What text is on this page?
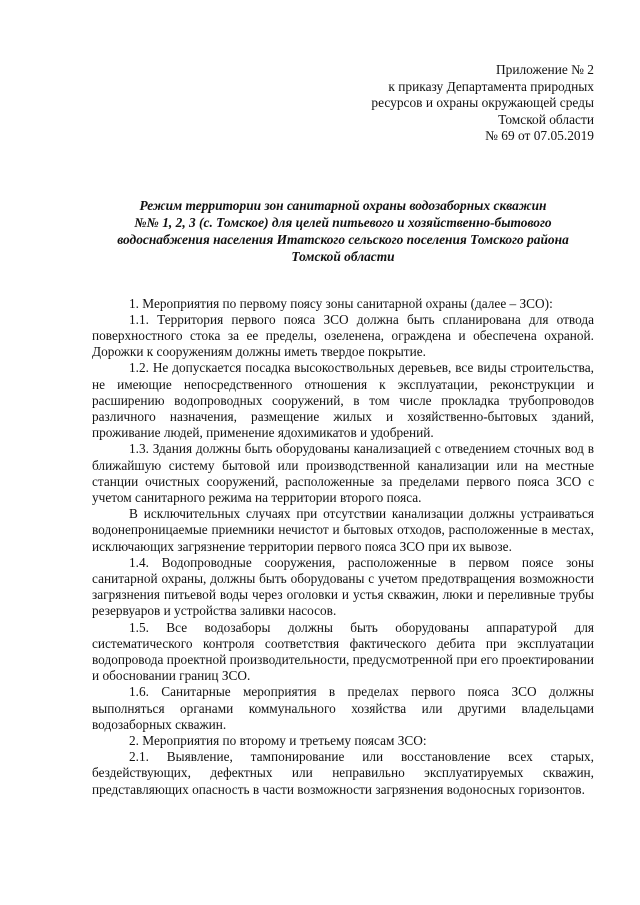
Приложение № 2
к приказу Департамента природных
ресурсов и охраны окружающей среды
Томской области
№ 69 от 07.05.2019
Режим территории зон санитарной охраны водозаборных скважин
№№ 1, 2, 3 (с. Томское) для целей питьевого и хозяйственно-бытового
водоснабжения населения Итатского сельского поселения Томского района
Томской области

1. Мероприятия по первому поясу зоны санитарной охраны (далее – ЗСО):

1.1. Территория первого пояса ЗСО должна быть спланирована для отвода поверхностного стока за ее пределы, озеленена, ограждена и обеспечена охраной. Дорожки к сооружениям должны иметь твердое покрытие.

1.2. Не допускается посадка высокоствольных деревьев, все виды строительства, не имеющие непосредственного отношения к эксплуатации, реконструкции и расширению водопроводных сооружений, в том числе прокладка трубопроводов различного назначения, размещение жилых и хозяйственно-бытовых зданий, проживание людей, применение ядохимикатов и удобрений.

1.3. Здания должны быть оборудованы канализацией с отведением сточных вод в ближайшую систему бытовой или производственной канализации или на местные станции очистных сооружений, расположенные за пределами первого пояса ЗСО с учетом санитарного режима на территории второго пояса.

В исключительных случаях при отсутствии канализации должны устраиваться водонепроницаемые приемники нечистот и бытовых отходов, расположенные в местах, исключающих загрязнение территории первого пояса ЗСО при их вывозе.

1.4. Водопроводные сооружения, расположенные в первом поясе зоны санитарной охраны, должны быть оборудованы с учетом предотвращения возможности загрязнения питьевой воды через оголовки и устья скважин, люки и переливные трубы резервуаров и устройства заливки насосов.

1.5. Все водозаборы должны быть оборудованы аппаратурой для систематического контроля соответствия фактического дебита при эксплуатации водопровода проектной производительности, предусмотренной при его проектировании и обосновании границ ЗСО.

1.6. Санитарные мероприятия в пределах первого пояса ЗСО должны выполняться органами коммунального хозяйства или другими владельцами водозаборных скважин.

2. Мероприятия по второму и третьему поясам ЗСО:

2.1. Выявление, тампонирование или восстановление всех старых, бездействующих, дефектных или неправильно эксплуатируемых скважин, представляющих опасность в части возможности загрязнения водоносных горизонтов.
